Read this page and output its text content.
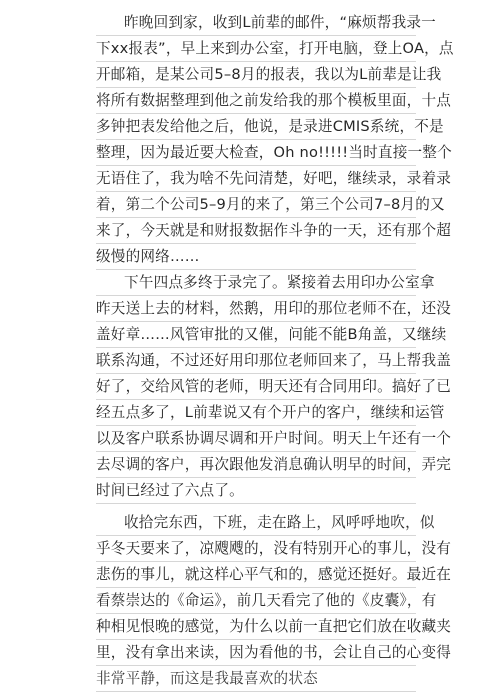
昨晚回到家，收到L前辈的邮件，“麻烦帮我录一
下xx报表”，早上来到办公室，打开电脑，登上OA，点
开邮箱，是某公司5–8月的报表，我以为L前辈是让我
将所有数据整理到他之前发给我的那个模板里面，十点
多钟把表发给他之后，他说，是录进CMIS系统，不是
整理，因为最近要大检查，Oh no!!!!!当时直接一整个
无语住了，我为啥不先问清楚，好吧，继续录，录着录
着，第二个公司5–9月的来了，第三个公司7–8月的又
来了，今天就是和财报数据作斗争的一天，还有那个超
级慢的网络……
下午四点多终于录完了。紧接着去用印办公室拿
昨天送上去的材料，然鹅，用印的那位老师不在，还没
盖好章……风管审批的又催，问能不能B角盖，又继续
联系沟通，不过还好用印那位老师回来了，马上帮我盖
好了，交给风管的老师，明天还有合同用印。搞好了已
经五点多了，L前辈说又有个开户的客户，继续和运管
以及客户联系协调尽调和开户时间。明天上午还有一个
去尽调的客户，再次跟他发消息确认明早的时间，弄完
时间已经过了六点了。
收拾完东西，下班，走在路上，风呼呼地吹，似
乎冬天要来了，凉飕飕的，没有特别开心的事儿，没有
悲伤的事儿，就这样心平气和的，感觉还挺好。最近在
看蔡崇达的《命运》，前几天看完了他的《皮囊》，有
种相见恨晚的感觉，为什么以前一直把它们放在收藏夹
里，没有拿出来读，因为看他的书，会让自己的心变得
非常平静，而这是我最喜欢的状态
